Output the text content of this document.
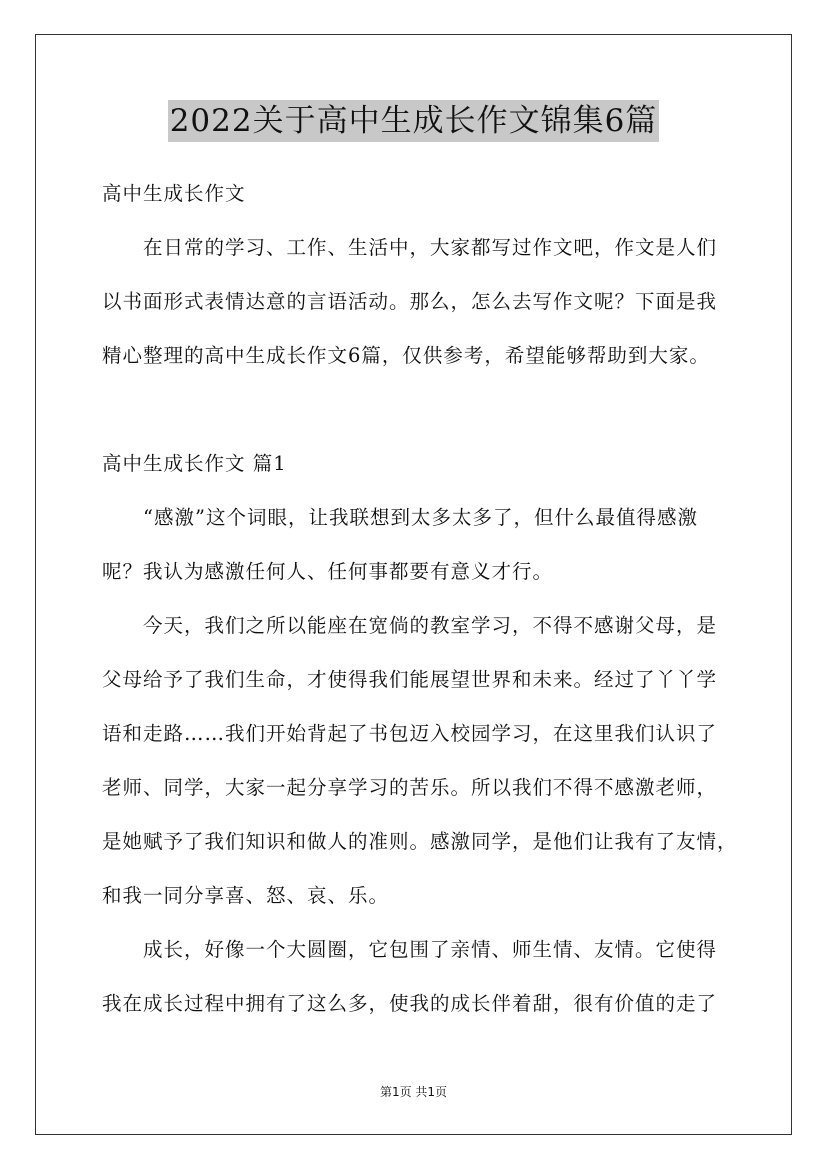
2022关于高中生成长作文锦集6篇
高中生成长作文
在日常的学习、工作、生活中，大家都写过作文吧，作文是人们
以书面形式表情达意的言语活动。那么，怎么去写作文呢？下面是我
精心整理的高中生成长作文6篇，仅供参考，希望能够帮助到大家。
高中生成长作文 篇1
“感激”这个词眼，让我联想到太多太多了，但什么最值得感激
呢？我认为感激任何人、任何事都要有意义才行。
今天，我们之所以能座在宽倘的教室学习，不得不感谢父母，是
父母给予了我们生命，才使得我们能展望世界和未来。经过了丫丫学
语和走路……我们开始背起了书包迈入校园学习，在这里我们认识了
老师、同学，大家一起分享学习的苦乐。所以我们不得不感激老师，
是她赋予了我们知识和做人的准则。感激同学，是他们让我有了友情，
和我一同分享喜、怒、哀、乐。
成长，好像一个大圆圈，它包围了亲情、师生情、友情。它使得
我在成长过程中拥有了这么多，使我的成长伴着甜，很有价值的走了
第1页 共1页
